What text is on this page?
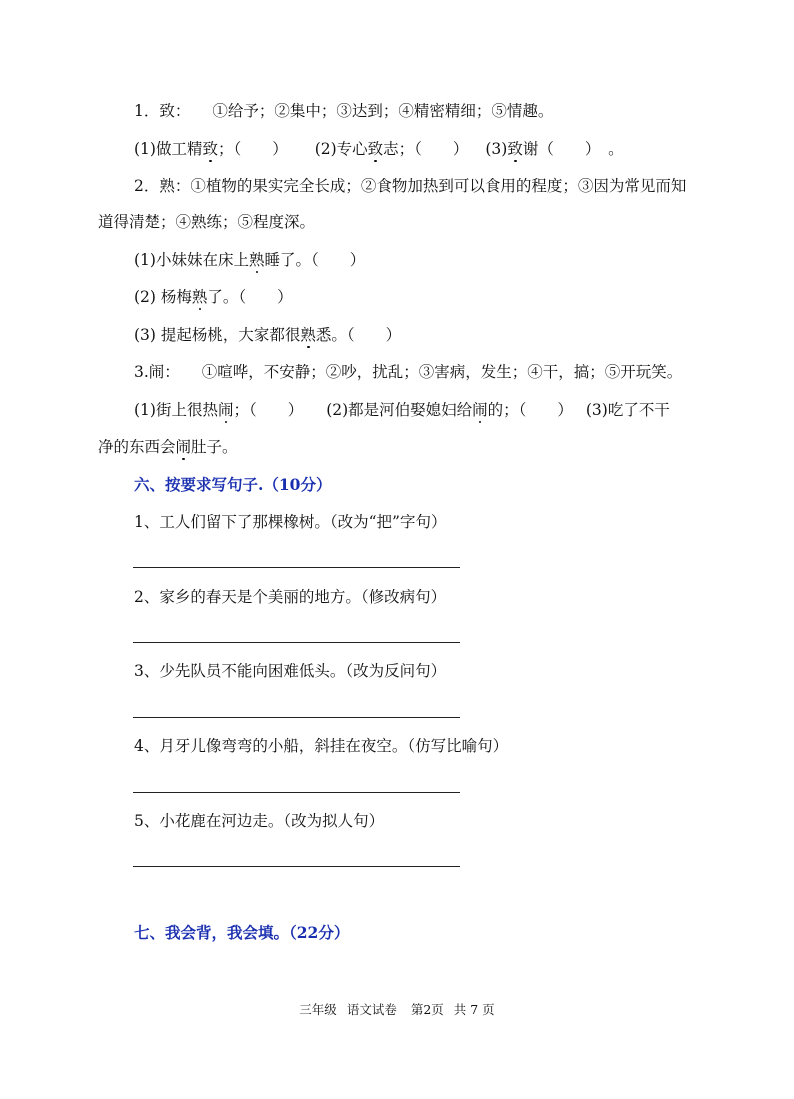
1．致： ①给予；②集中；③达到；④精密精细；⑤情趣。
(1)做工精致；（　　） (2)专心致志；（　　） (3)致谢（　　）　。
2．熟：①植物的果实完全长成；②食物加热到可以食用的程度；③因为常见而知
道得清楚；④熟练；⑤程度深。
(1)小妹妹在床上熟睡了。（　　）
(2) 杨梅熟了。（　　）
(3) 提起杨桃，大家都很熟悉。（　　）
3.闹： ①喧哗，不安静；②吵，扰乱；③害病，发生；④干，搞；⑤开玩笑。
(1)街上很热闹；（　　） (2)都是河伯娶媳妇给闹的；（　　） (3)吃了不干
净的东西会闹肚子。
六、按要求写句子.（10分）
1、工人们留下了那棵橡树。（改为“把”字句）
2、家乡的春天是个美丽的地方。（修改病句）
3、少先队员不能向困难低头。（改为反问句）
4、月牙儿像弯弯的小船，斜挂在夜空。（仿写比喻句）
5、小花鹿在河边走。（改为拟人句）
七、我会背，我会填。（22分）
三年级 语文试卷 第2页 共 7 页
